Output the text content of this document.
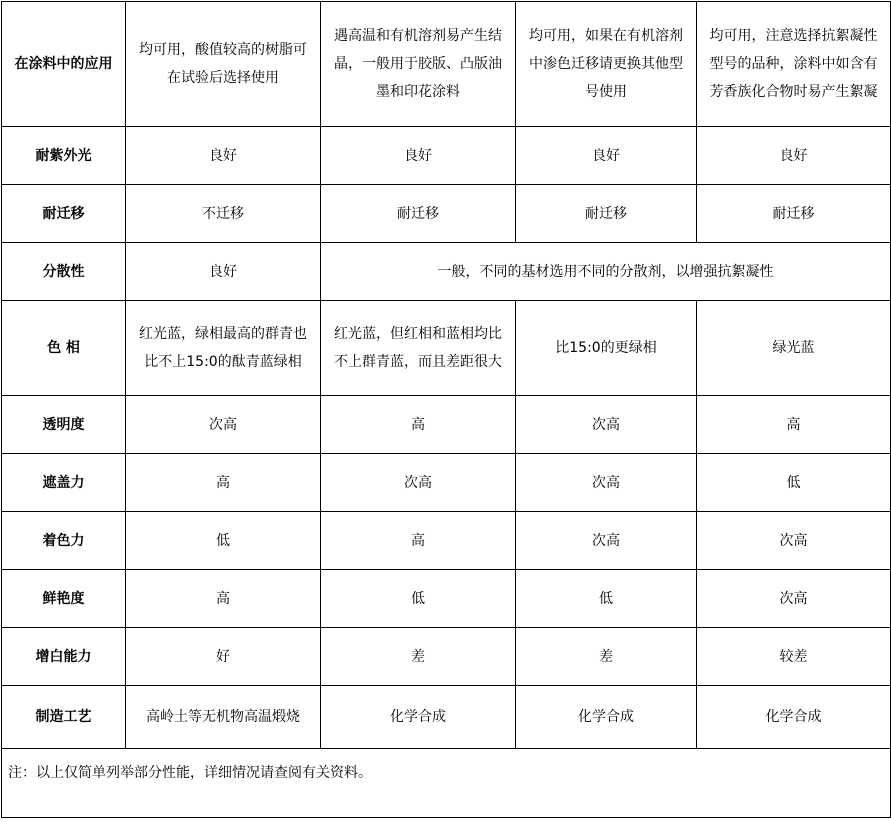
在涂料中的应用	均可用，酸值较高的树脂可在试验后选择使用	遇高温和有机溶剂易产生结晶，一般用于胶版、凸版油墨和印花涂料	均可用，如果在有机溶剂中渗色迁移请更换其他型号使用	均可用，注意选择抗絮凝性型号的品种，涂料中如含有芳香族化合物时易产生絮凝
耐紫外光	良好	良好	良好	良好
耐迁移	不迁移	耐迁移	耐迁移	耐迁移
分散性	良好	一般，不同的基材选用不同的分散剂，以增强抗絮凝性		
色 相	红光蓝，绿相最高的群青也比不上15:0的酞青蓝绿相	红光蓝，但红相和蓝相均比不上群青蓝，而且差距很大	比15:0的更绿相	绿光蓝
透明度	次高	高	次高	高
遮盖力	高	次高	次高	低
着色力	低	高	次高	次高
鲜艳度	高	低	低	次高
增白能力	好	差	差	较差
制造工艺	高岭土等无机物高温煅烧	化学合成	化学合成	化学合成
注：以上仅简单列举部分性能，详细情况请查阅有关资料。				
